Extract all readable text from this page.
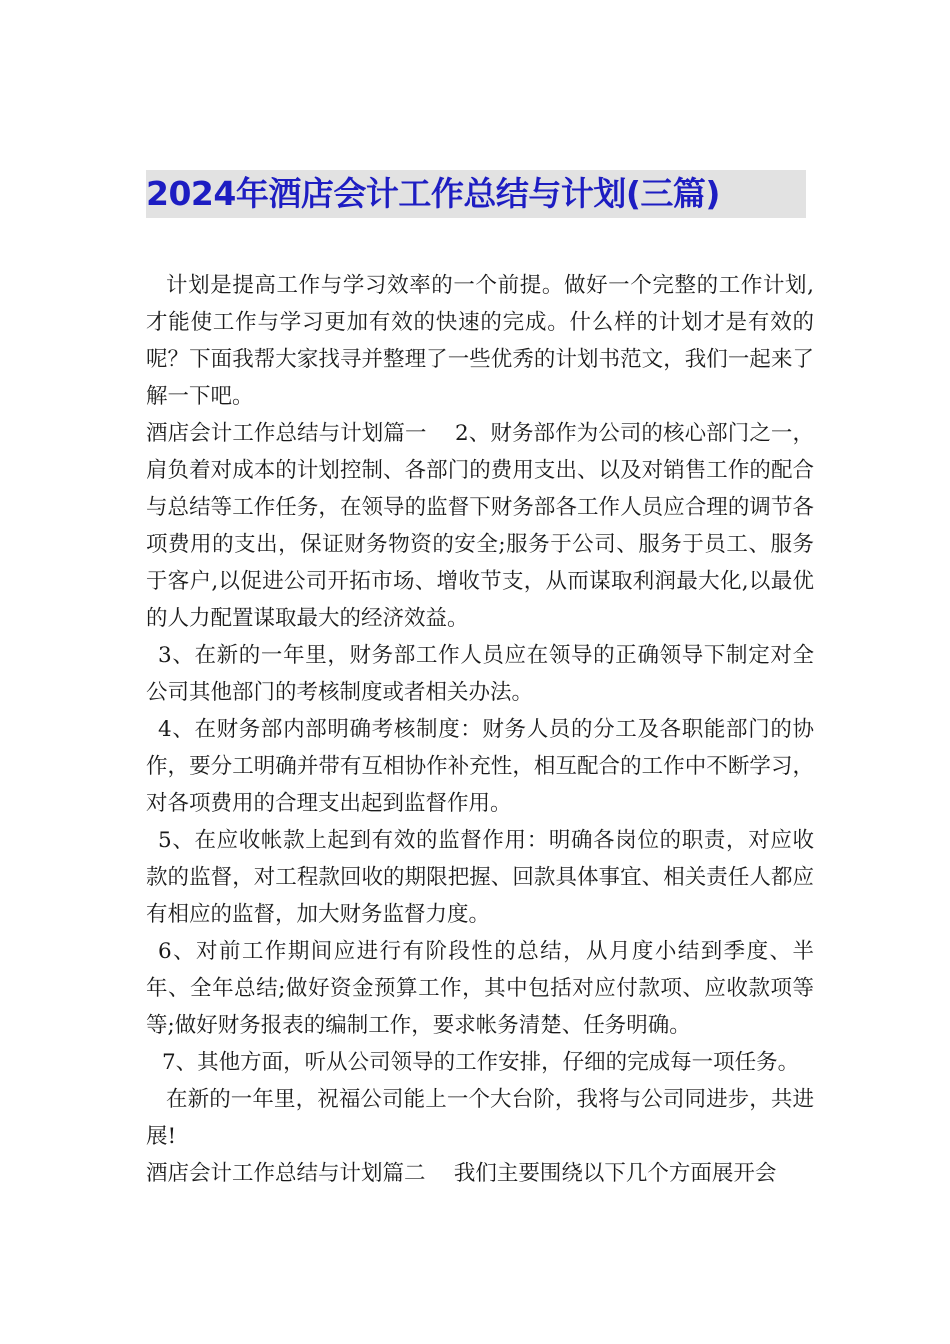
2024年酒店会计工作总结与计划(三篇)

计划是提高工作与学习效率的一个前提。做好一个完整的工作计划,才能使工作与学习更加有效的快速的完成。什么样的计划才是有效的呢？下面我帮大家找寻并整理了一些优秀的计划书范文，我们一起来了解一下吧。

酒店会计工作总结与计划篇一　 2、财务部作为公司的核心部门之一，肩负着对成本的计划控制、各部门的费用支出、以及对销售工作的配合与总结等工作任务，在领导的监督下财务部各工作人员应合理的调节各项费用的支出，保证财务物资的安全;服务于公司、服务于员工、服务于客户,以促进公司开拓市场、增收节支，从而谋取利润最大化,以最优的人力配置谋取最大的经济效益。

3、在新的一年里，财务部工作人员应在领导的正确领导下制定对全公司其他部门的考核制度或者相关办法。

4、在财务部内部明确考核制度：财务人员的分工及各职能部门的协作，要分工明确并带有互相协作补充性，相互配合的工作中不断学习，对各项费用的合理支出起到监督作用。

5、在应收帐款上起到有效的监督作用：明确各岗位的职责，对应收款的监督，对工程款回收的期限把握、回款具体事宜、相关责任人都应有相应的监督，加大财务监督力度。

6、对前工作期间应进行有阶段性的总结，从月度小结到季度、半年、全年总结;做好资金预算工作，其中包括对应付款项、应收款项等等;做好财务报表的编制工作，要求帐务清楚、任务明确。

7、其他方面，听从公司领导的工作安排，仔细的完成每一项任务。

在新的一年里，祝福公司能上一个大台阶，我将与公司同进步，共进展!

酒店会计工作总结与计划篇二　 我们主要围绕以下几个方面展开会
